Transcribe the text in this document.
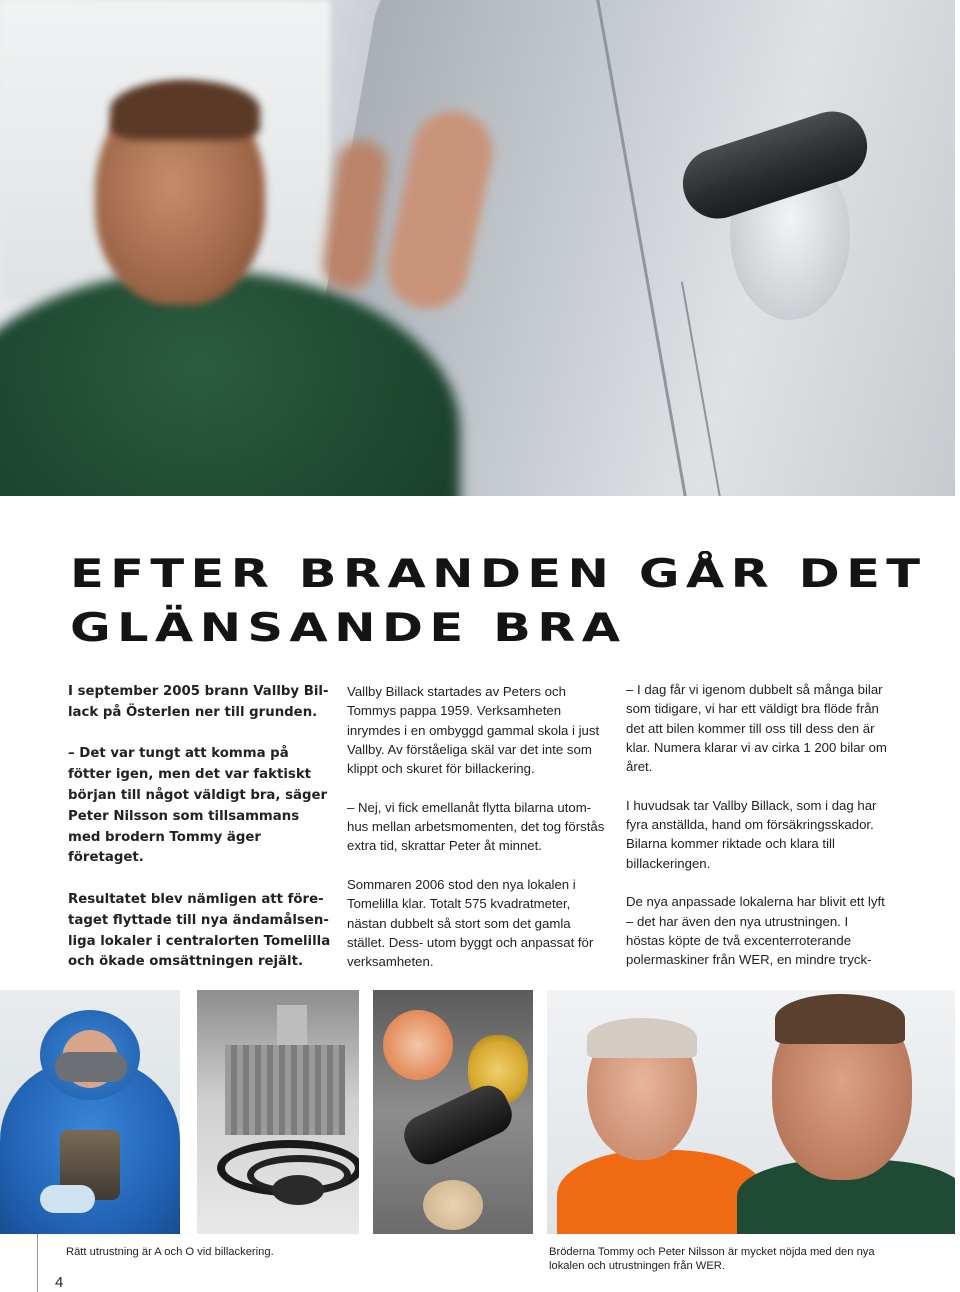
EFTER BRANDEN GÅR DET
GLÄNSANDE BRA

I september 2005 brann Vallby Bil- lack på Österlen ner till grunden.

– Det var tungt att komma på fötter igen, men det var faktiskt början till något väldigt bra, säger Peter Nilsson som tillsammans med brodern Tommy äger företaget.

Resultatet blev nämligen att före- taget flyttade till nya ändamålsen- liga lokaler i centralorten Tomelilla och ökade omsättningen rejält.

Vallby Billack startades av Peters och Tommys pappa 1959. Verksamheten inrymdes i en ombyggd gammal skola i just Vallby. Av förståeliga skäl var det inte som klippt och skuret för billackering.

– Nej, vi fick emellanåt flytta bilarna utom- hus mellan arbetsmomenten, det tog förstås extra tid, skrattar Peter åt minnet.

Sommaren 2006 stod den nya lokalen i Tomelilla klar. Totalt 575 kvadratmeter, nästan dubbelt så stort som det gamla stället. Dess- utom byggt och anpassat för verksamheten.

– I dag får vi igenom dubbelt så många bilar som tidigare, vi har ett väldigt bra flöde från det att bilen kommer till oss till dess den är klar. Numera klarar vi av cirka 1 200 bilar om året.

I huvudsak tar Vallby Billack, som i dag har fyra anställda, hand om försäkringsskador. Bilarna kommer riktade och klara till billackeringen.

De nya anpassade lokalerna har blivit ett lyft – det har även den nya utrustningen. I höstas köpte de två excenterroterande polermaskiner från WER, en mindre tryck-

4
Rätt utrustning är A och O vid billackering.	Bröderna Tommy och Peter Nilsson är mycket nöjda med den nya lokalen och utrustningen från WER.
